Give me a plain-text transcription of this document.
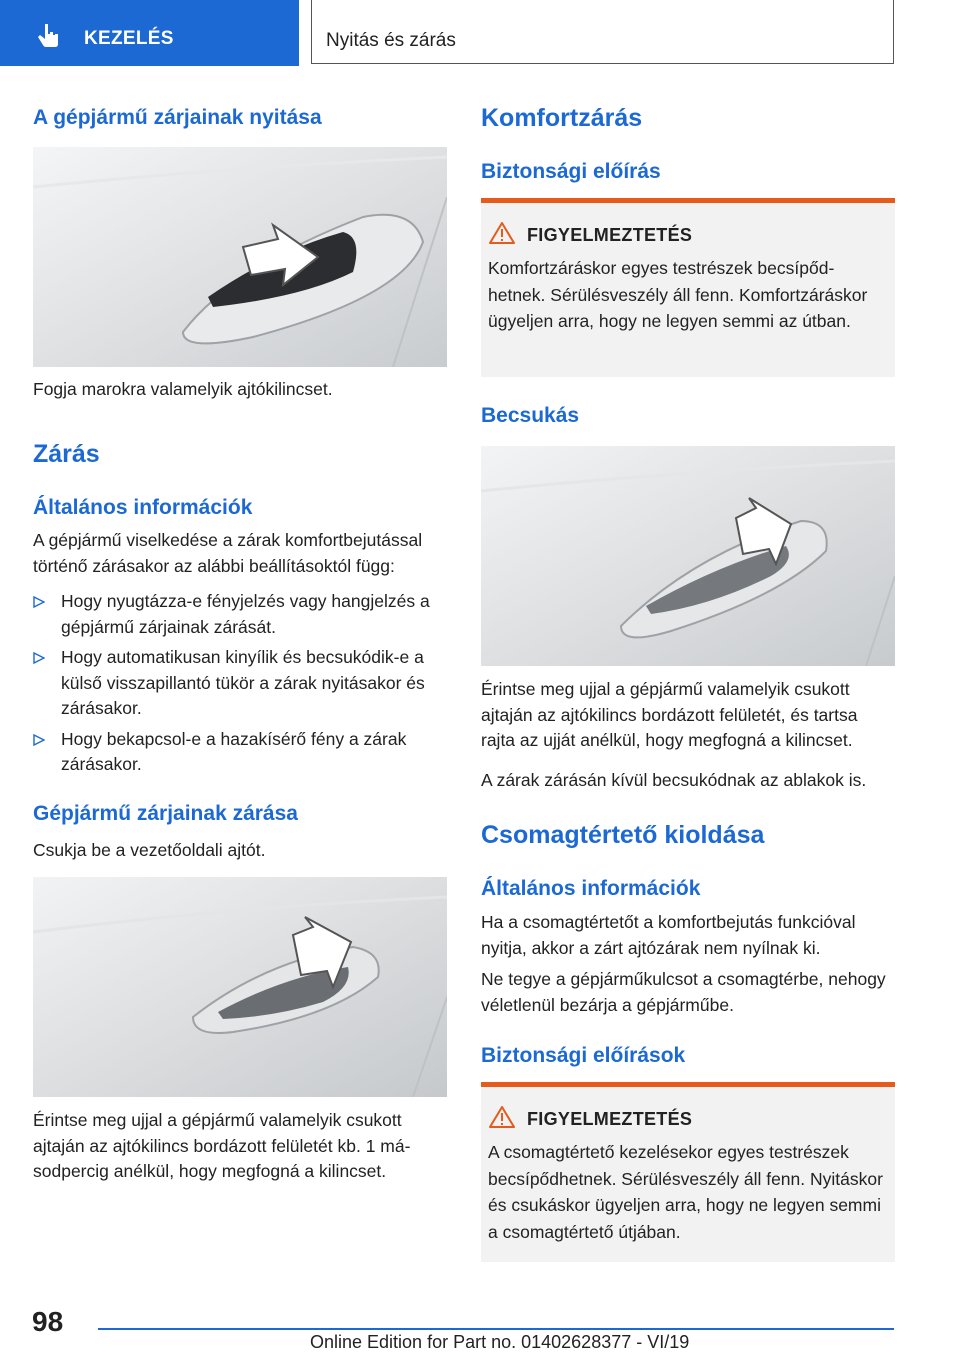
KEZELÉS	Nyitás és zárás
A gépjármű zárjainak nyitása

Fogja marokra valamelyik ajtókilincset.

Zárás
Általános információk

A gépjármű viselkedése a zárak komfortbejutással történő zárásakor az alábbi beállításoktól függ:

Hogy nyugtázza-e fényjelzés vagy hangjelzés a gépjármű zárjainak zárását.
Hogy automatikusan kinyílik és becsukódik-e a külső visszapillantó tükör a zárak nyitásakor és zárásakor.
Hogy bekapcsol-e a hazakísérő fény a zárak zárásakor.
Gépjármű zárjainak zárása

Csukja be a vezetőoldali ajtót.

Érintse meg ujjal a gépjármű valamelyik csukott ajtaján az ajtókilincs bordázott felületét kb. 1 másodpercig anélkül, hogy megfogná a kilincset.

Komfortzárás
Biztonsági előírás
FIGYELMEZTETÉS
Komfortzáráskor egyes testrészek becsípődhetnek. Sérülésveszély áll fenn. Komfortzáráskor ügyeljen arra, hogy ne legyen semmi az útban.
Becsukás

Érintse meg ujjal a gépjármű valamelyik csukott ajtaján az ajtókilincs bordázott felületét, és tartsa rajta az ujját anélkül, hogy megfogná a kilincset.

A zárak zárásán kívül becsukódnak az ablakok is.

Csomagtértető kioldása
Általános információk

Ha a csomagtértetőt a komfortbejutás funkcióval nyitja, akkor a zárt ajtózárak nem nyílnak ki.

Ne tegye a gépjárműkulcsot a csomagtérbe, nehogy véletlenül bezárja a gépjárműbe.

Biztonsági előírások
FIGYELMEZTETÉS
A csomagtértető kezelésekor egyes testrészek becsípődhetnek. Sérülésveszély áll fenn. Nyitáskor és csukáskor ügyeljen arra, hogy ne legyen semmi a csomagtértető útjában.
98
Online Edition for Part no. 01402628377 - VI/19
